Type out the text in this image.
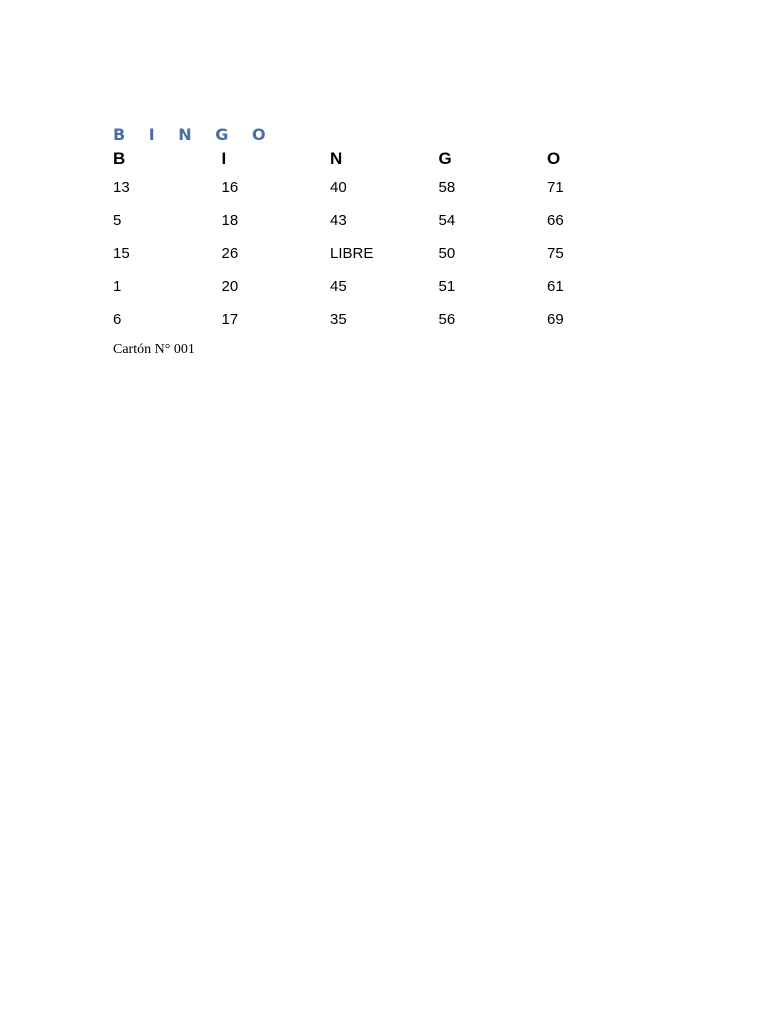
B I N G O
B	I	N	G	O
13	16	40	58	71
5	18	43	54	66
15	26	LIBRE	50	75
1	20	45	51	61
6	17	35	56	69
Cartón N° 001
